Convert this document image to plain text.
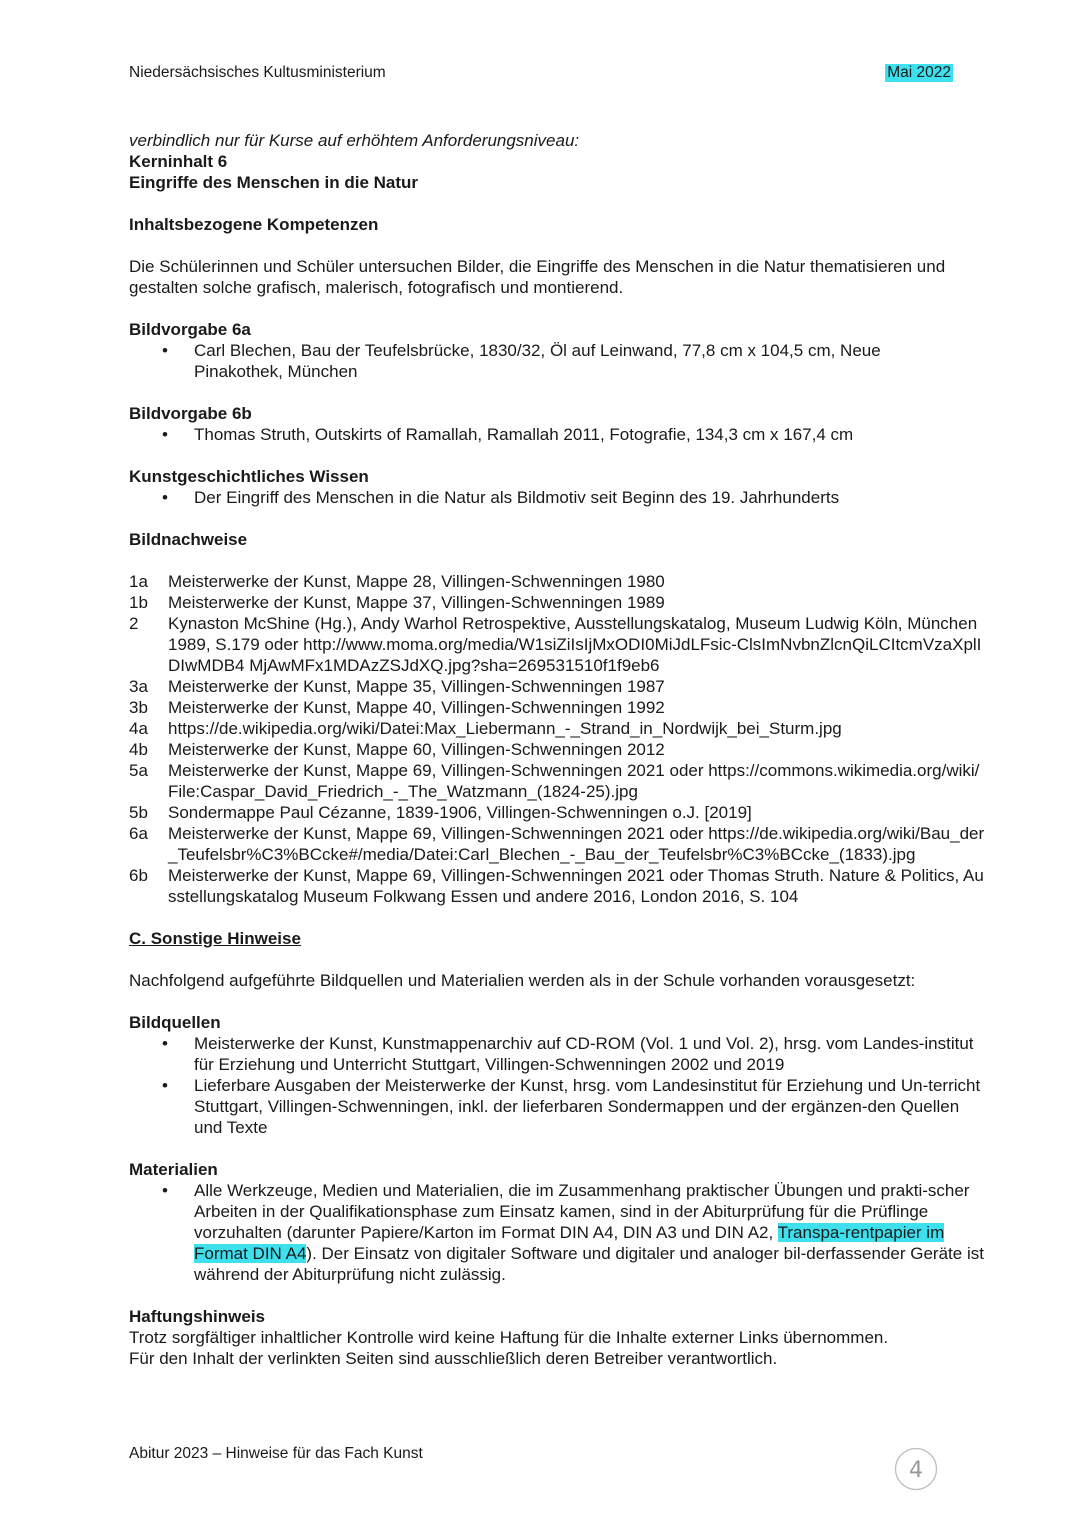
Niedersächsisches Kultusministerium	Mai 2022
verbindlich nur für Kurse auf erhöhtem Anforderungsniveau:
Kerninhalt 6
Eingriffe des Menschen in die Natur
Inhaltsbezogene Kompetenzen
Die Schülerinnen und Schüler untersuchen Bilder, die Eingriffe des Menschen in die Natur thematisieren und gestalten solche grafisch, malerisch, fotografisch und montierend.
Bildvorgabe 6a
• Carl Blechen, Bau der Teufelsbrücke, 1830/32, Öl auf Leinwand, 77,8 cm x 104,5 cm, Neue Pinakothek, München
Bildvorgabe 6b
• Thomas Struth, Outskirts of Ramallah, Ramallah 2011, Fotografie, 134,3 cm x 167,4 cm
Kunstgeschichtliches Wissen
• Der Eingriff des Menschen in die Natur als Bildmotiv seit Beginn des 19. Jahrhunderts
Bildnachweise
1a Meisterwerke der Kunst, Mappe 28, Villingen-Schwenningen 1980
1b Meisterwerke der Kunst, Mappe 37, Villingen-Schwenningen 1989
2 Kynaston McShine (Hg.), Andy Warhol Retrospektive, Ausstellungskatalog, Museum Ludwig Köln, München 1989, S.179 oder http://www.moma.org/media/W1siZiIsIjMxODI0MiJdLFsic-ClsImNvbnZlcnQiLCItcmVzaXplIDIwMDB4 MjAwMFx1MDAzZSJdXQ.jpg?sha=269531510f1f9eb6
3a Meisterwerke der Kunst, Mappe 35, Villingen-Schwenningen 1987
3b Meisterwerke der Kunst, Mappe 40, Villingen-Schwenningen 1992
4a https://de.wikipedia.org/wiki/Datei:Max_Liebermann_-_Strand_in_Nordwijk_bei_Sturm.jpg
4b Meisterwerke der Kunst, Mappe 60, Villingen-Schwenningen 2012
5a Meisterwerke der Kunst, Mappe 69, Villingen-Schwenningen 2021 oder https://commons.wikimedia.org/wiki/File:Caspar_David_Friedrich_-_The_Watzmann_(1824-25).jpg
5b Sondermappe Paul Cézanne, 1839-1906, Villingen-Schwenningen o.J. [2019]
6a Meisterwerke der Kunst, Mappe 69, Villingen-Schwenningen 2021 oder https://de.wikipedia.org/wiki/Bau_der_Teufelsbr%C3%BCcke#/media/Datei:Carl_Blechen_-_Bau_der_Teufelsbr%C3%BCcke_(1833).jpg
6b Meisterwerke der Kunst, Mappe 69, Villingen-Schwenningen 2021 oder Thomas Struth. Nature & Politics, Ausstellungskatalog Museum Folkwang Essen und andere 2016, London 2016, S. 104
C. Sonstige Hinweise
Nachfolgend aufgeführte Bildquellen und Materialien werden als in der Schule vorhanden vorausgesetzt:
Bildquellen
• Meisterwerke der Kunst, Kunstmappenarchiv auf CD-ROM (Vol. 1 und Vol. 2), hrsg. vom Landes-institut für Erziehung und Unterricht Stuttgart, Villingen-Schwenningen 2002 und 2019
• Lieferbare Ausgaben der Meisterwerke der Kunst, hrsg. vom Landesinstitut für Erziehung und Un-terricht Stuttgart, Villingen-Schwenningen, inkl. der lieferbaren Sondermappen und der ergänzen-den Quellen und Texte
Materialien
• Alle Werkzeuge, Medien und Materialien, die im Zusammenhang praktischer Übungen und prakti-scher Arbeiten in der Qualifikationsphase zum Einsatz kamen, sind in der Abiturprüfung für die Prüflinge vorzuhalten (darunter Papiere/Karton im Format DIN A4, DIN A3 und DIN A2, Transpa-rentpapier im Format DIN A4). Der Einsatz von digitaler Software und digitaler und analoger bil-derfassender Geräte ist während der Abiturprüfung nicht zulässig.
Haftungshinweis
Trotz sorgfältiger inhaltlicher Kontrolle wird keine Haftung für die Inhalte externer Links übernommen.
Für den Inhalt der verlinkten Seiten sind ausschließlich deren Betreiber verantwortlich.
Abitur 2023 – Hinweise für das Fach Kunst
4
